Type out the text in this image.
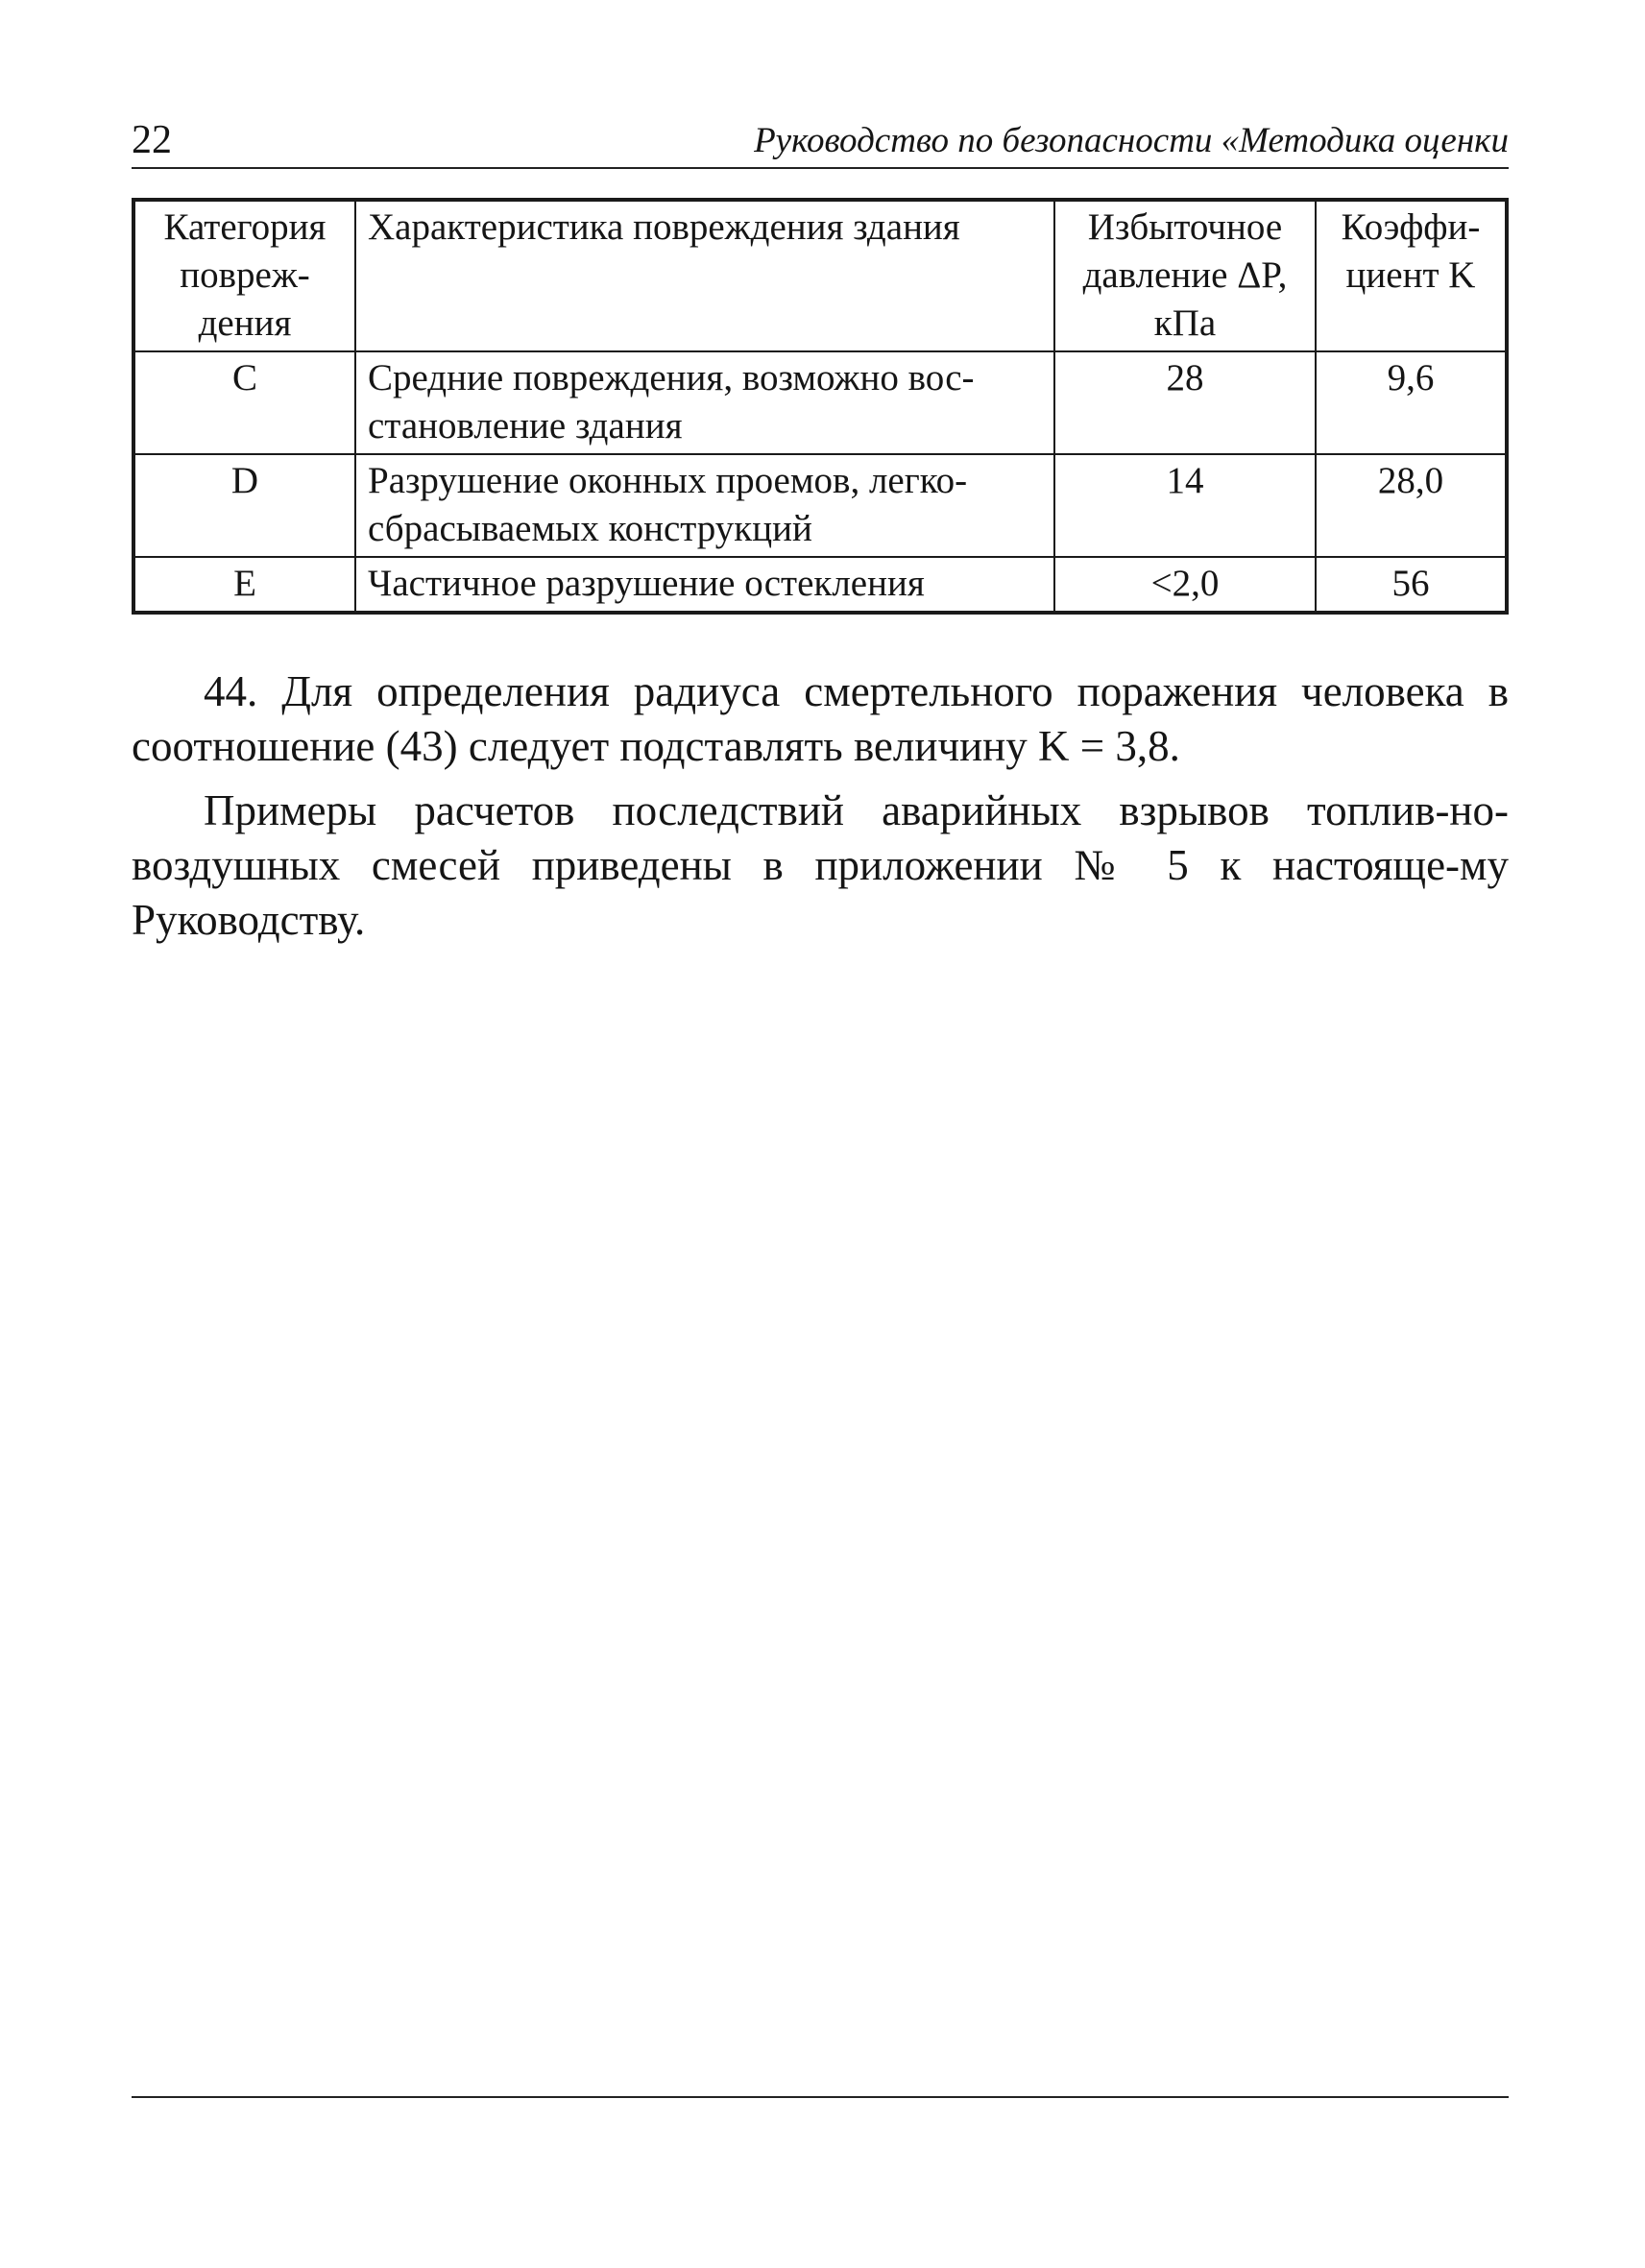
22	Руководство по безопасности «Методика оценки
Категория повреж-дения	Характеристика повреждения здания	Избыточное давление ΔP, кПа	Коэффи-циент K
C	Средние повреждения, возможно вос-становление здания	28	9,6
D	Разрушение оконных проемов, легко-сбрасываемых конструкций	14	28,0
E	Частичное разрушение остекления	<2,0	56

44. Для определения радиуса смертельного поражения человека в соотношение (43) следует подставлять величину K = 3,8.

Примеры расчетов последствий аварийных взрывов топлив-но-воздушных смесей приведены в приложении № 5 к настояще-му Руководству.
